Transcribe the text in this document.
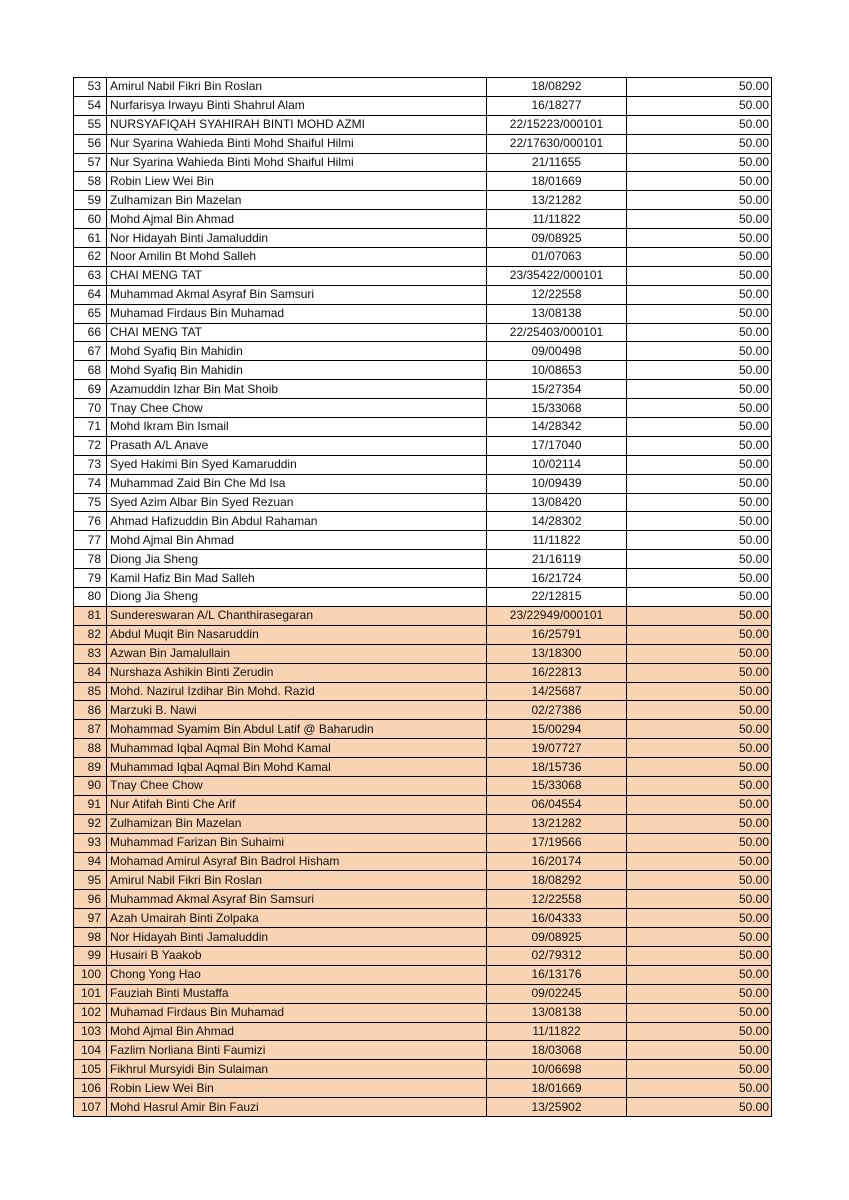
53	Amirul Nabil Fikri Bin Roslan	18/08292	50.00
54	Nurfarisya Irwayu Binti Shahrul Alam	16/18277	50.00
55	NURSYAFIQAH SYAHIRAH BINTI MOHD AZMI	22/15223/000101	50.00
56	Nur Syarina Wahieda Binti Mohd Shaiful Hilmi	22/17630/000101	50.00
57	Nur Syarina Wahieda Binti Mohd Shaiful Hilmi	21/11655	50.00
58	Robin Liew Wei Bin	18/01669	50.00
59	Zulhamizan Bin Mazelan	13/21282	50.00
60	Mohd Ajmal Bin Ahmad	11/11822	50.00
61	Nor Hidayah Binti Jamaluddin	09/08925	50.00
62	Noor Amilin Bt Mohd Salleh	01/07063	50.00
63	CHAI MENG TAT	23/35422/000101	50.00
64	Muhammad Akmal Asyraf Bin Samsuri	12/22558	50.00
65	Muhamad Firdaus Bin Muhamad	13/08138	50.00
66	CHAI MENG TAT	22/25403/000101	50.00
67	Mohd Syafiq Bin Mahidin	09/00498	50.00
68	Mohd Syafiq Bin Mahidin	10/08653	50.00
69	Azamuddin Izhar Bin Mat Shoib	15/27354	50.00
70	Tnay Chee Chow	15/33068	50.00
71	Mohd Ikram Bin Ismail	14/28342	50.00
72	Prasath A/L Anave	17/17040	50.00
73	Syed Hakimi Bin Syed Kamaruddin	10/02114	50.00
74	Muhammad Zaid Bin Che Md Isa	10/09439	50.00
75	Syed Azim Albar Bin Syed Rezuan	13/08420	50.00
76	Ahmad Hafizuddin Bin Abdul Rahaman	14/28302	50.00
77	Mohd Ajmal Bin Ahmad	11/11822	50.00
78	Diong Jia Sheng	21/16119	50.00
79	Kamil Hafiz Bin Mad Salleh	16/21724	50.00
80	Diong Jia Sheng	22/12815	50.00
81	Sundereswaran A/L Chanthirasegaran	23/22949/000101	50.00
82	Abdul Muqit Bin Nasaruddin	16/25791	50.00
83	Azwan Bin Jamalullain	13/18300	50.00
84	Nurshaza Ashikin Binti Zerudin	16/22813	50.00
85	Mohd. Nazirul Izdihar Bin Mohd. Razid	14/25687	50.00
86	Marzuki B. Nawi	02/27386	50.00
87	Mohammad Syamim Bin Abdul Latif @ Baharudin	15/00294	50.00
88	Muhammad Iqbal Aqmal Bin Mohd Kamal	19/07727	50.00
89	Muhammad Iqbal Aqmal Bin Mohd Kamal	18/15736	50.00
90	Tnay Chee Chow	15/33068	50.00
91	Nur Atifah Binti Che Arif	06/04554	50.00
92	Zulhamizan Bin Mazelan	13/21282	50.00
93	Muhammad Farizan Bin Suhaimi	17/19566	50.00
94	Mohamad Amirul Asyraf Bin Badrol Hisham	16/20174	50.00
95	Amirul Nabil Fikri Bin Roslan	18/08292	50.00
96	Muhammad Akmal Asyraf Bin Samsuri	12/22558	50.00
97	Azah Umairah Binti Zolpaka	16/04333	50.00
98	Nor Hidayah Binti Jamaluddin	09/08925	50.00
99	Husairi B Yaakob	02/79312	50.00
100	Chong Yong Hao	16/13176	50.00
101	Fauziah Binti Mustaffa	09/02245	50.00
102	Muhamad Firdaus Bin Muhamad	13/08138	50.00
103	Mohd Ajmal Bin Ahmad	11/11822	50.00
104	Fazlim Norliana Binti Faumizi	18/03068	50.00
105	Fikhrul Mursyidi Bin Sulaiman	10/06698	50.00
106	Robin Liew Wei Bin	18/01669	50.00
107	Mohd Hasrul Amir Bin Fauzi	13/25902	50.00
